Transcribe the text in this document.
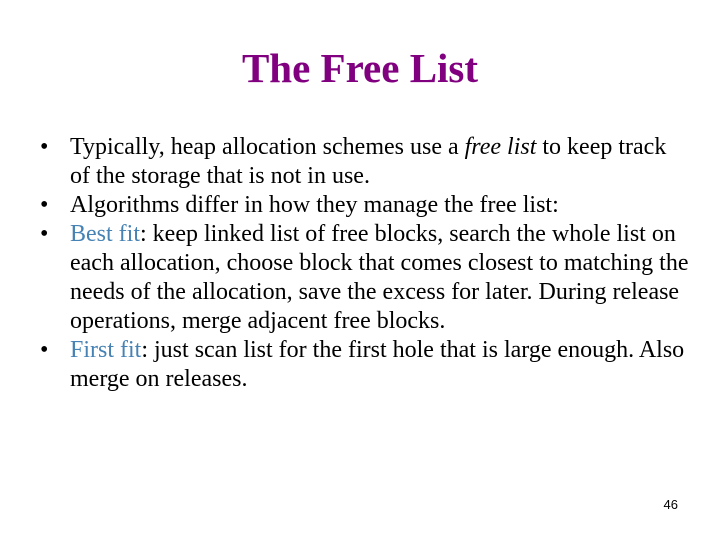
The Free List
• Typically, heap allocation schemes use a free list to keep track of the storage that is not in use.
• Algorithms differ in how they manage the free list:
• Best fit: keep linked list of free blocks, search the whole list on each allocation, choose block that comes closest to matching the needs of the allocation, save the excess for later. During release operations, merge adjacent free blocks.
• First fit: just scan list for the first hole that is large enough. Also merge on releases.
46
